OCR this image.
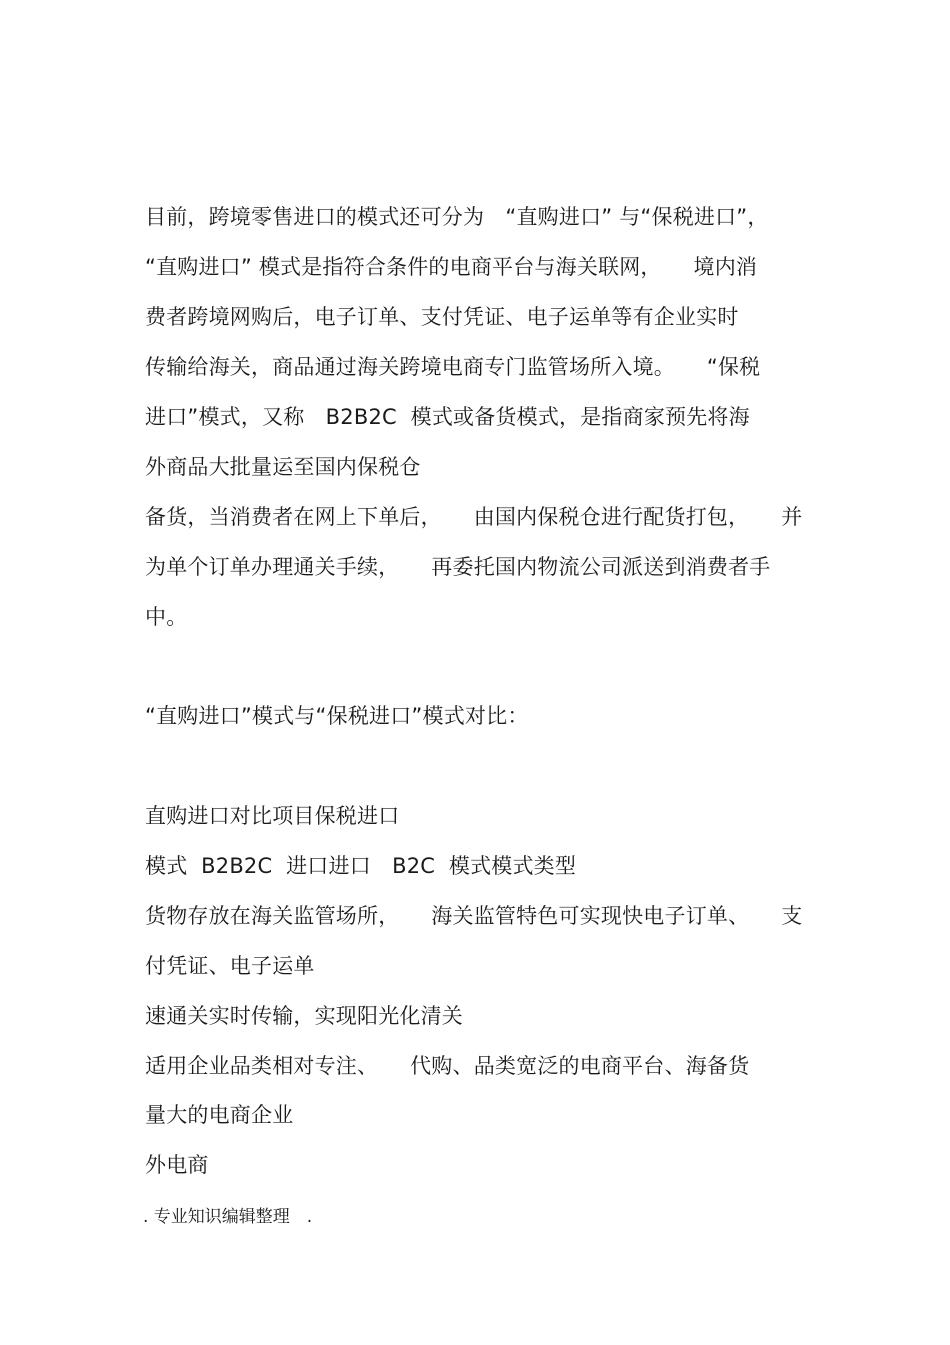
目前，跨境零售进口的模式还可分为　“直购进口” 与“保税进口”，
“直购进口” 模式是指符合条件的电商平台与海关联网，　　境内消
费者跨境网购后，电子订单、支付凭证、电子运单等有企业实时
传输给海关，商品通过海关跨境电商专门监管场所入境。　　“保税
进口”模式，又称　B2B2C  模式或备货模式，是指商家预先将海
外商品大批量运至国内保税仓
备货，当消费者在网上下单后，　　由国内保税仓进行配货打包，　　并
为单个订单办理通关手续，　　再委托国内物流公司派送到消费者手
中。
“直购进口”模式与“保税进口”模式对比：
直购进口对比项目保税进口
模式  B2B2C  进口进口　B2C  模式模式类型
货物存放在海关监管场所，　　海关监管特色可实现快电子订单、　　支
付凭证、电子运单
速通关实时传输，实现阳光化清关
适用企业品类相对专注、　　代购、品类宽泛的电商平台、海备货
量大的电商企业
外电商
. 专业知识编辑整理　.
